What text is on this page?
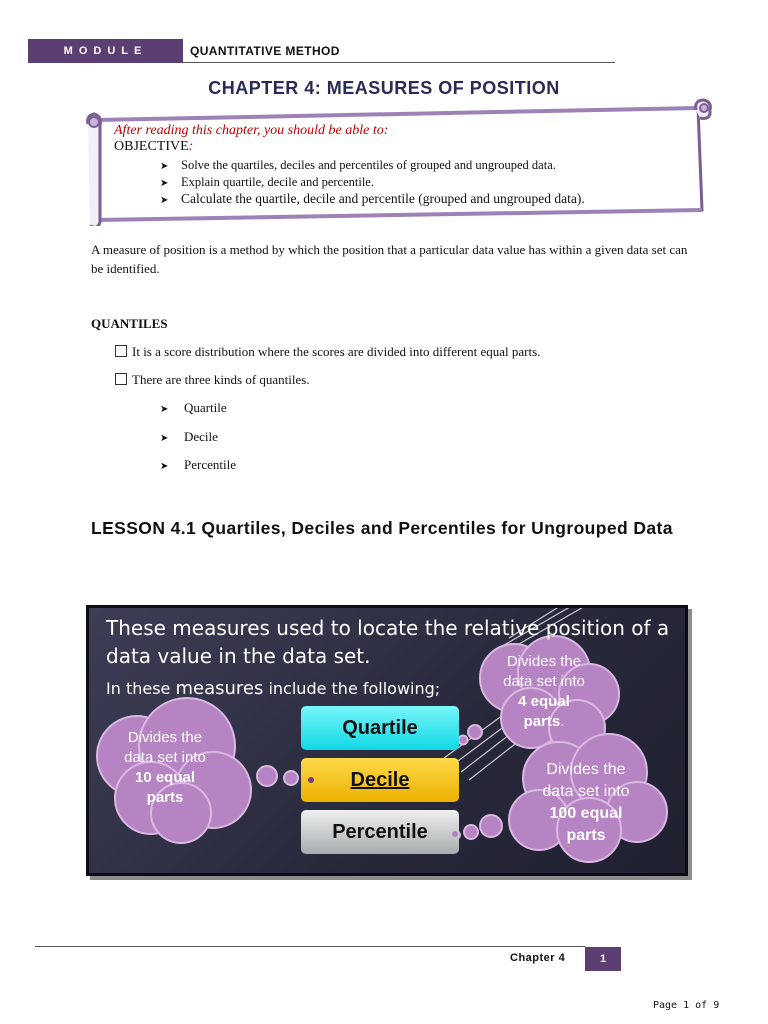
MODULE	QUANTITATIVE METHOD
CHAPTER 4: MEASURES OF POSITION
After reading this chapter, you should be able to:
OBJECTIVE:
➤ Solve the quartiles, deciles and percentiles of grouped and ungrouped data.
➤ Explain quartile, decile and percentile.
➤ Calculate the quartile, decile and percentile (grouped and ungrouped data).
A measure of position is a method by which the position that a particular data value has within a given data set can be identified.
QUANTILES
It is a score distribution where the scores are divided into different equal parts.
There are three kinds of quantiles.
➤ Quartile
➤ Decile
➤ Percentile
LESSON 4.1 Quartiles, Deciles and Percentiles for Ungrouped Data
These measures used to locate the relative position of a
data value in the data set.
In these measures include the following;
Quartile
Decile
Percentile
Divides the
data set into
10 equal
parts
Divides the
data set into
4 equal
parts.
Divides the
data set into
100 equal
parts
Chapter 4	1
Page 1 of 9
